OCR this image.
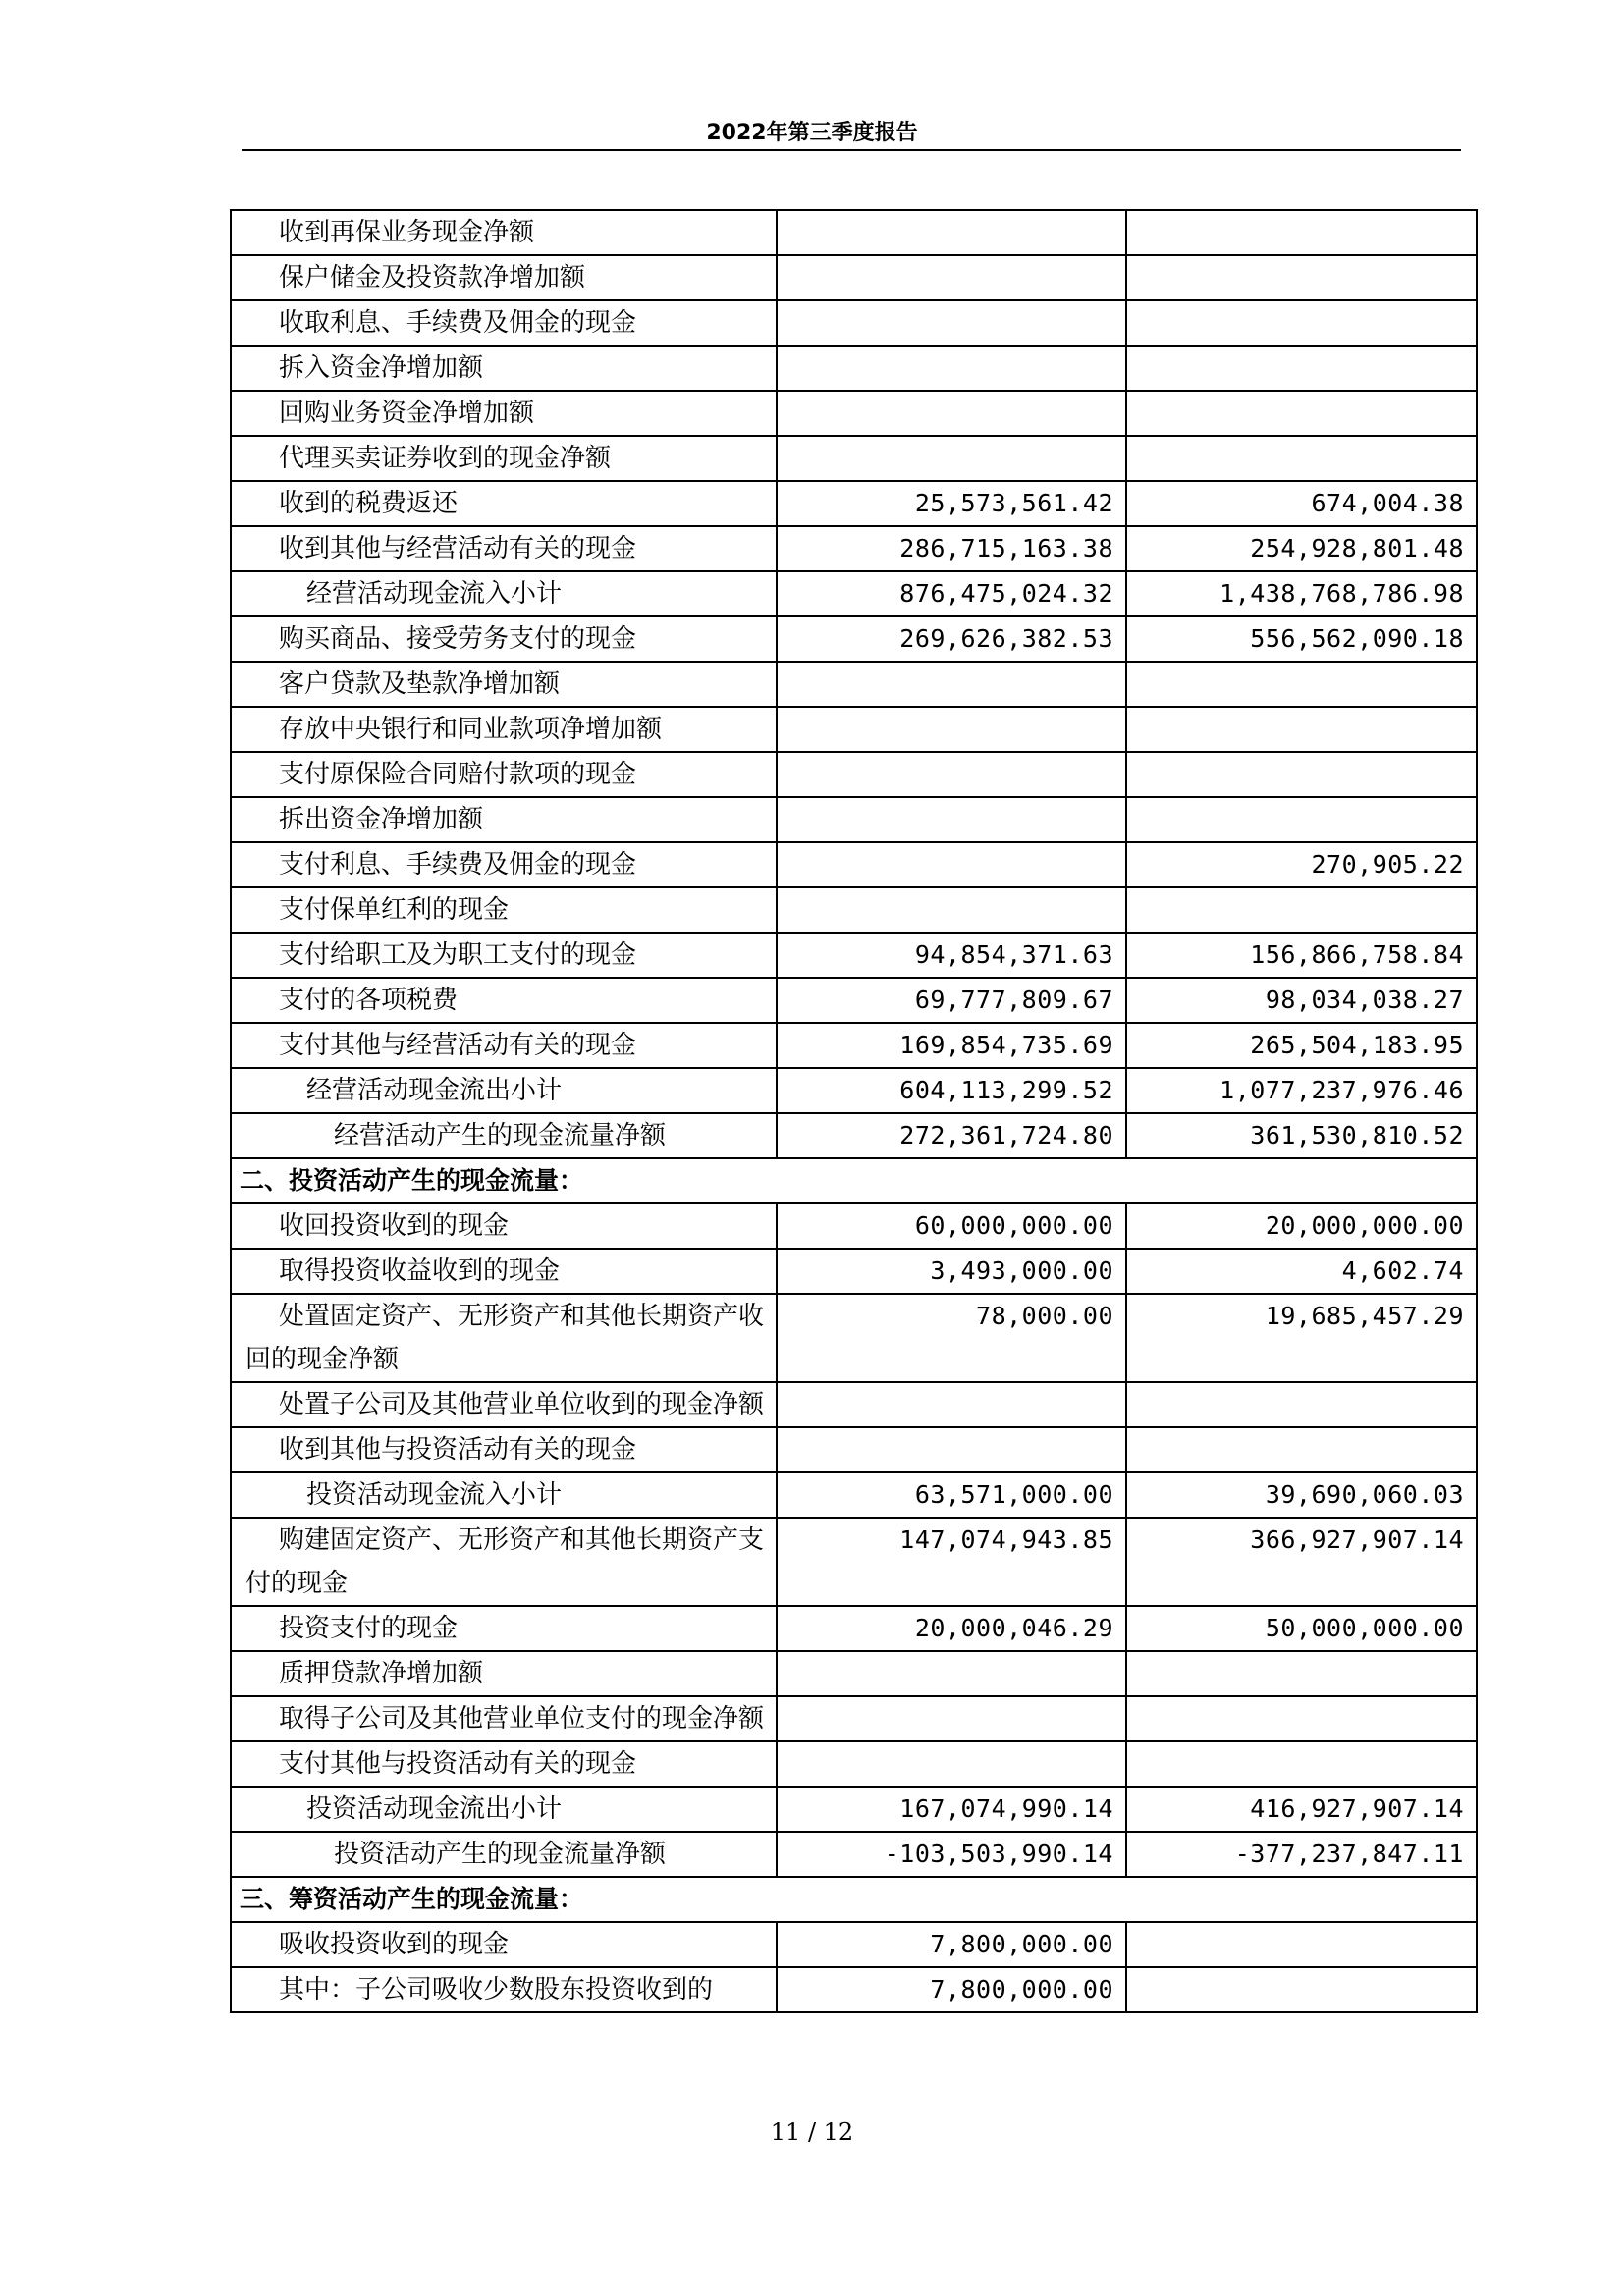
2022年第三季度报告
收到再保业务现金净额		
保户储金及投资款净增加额		
收取利息、手续费及佣金的现金		
拆入资金净增加额		
回购业务资金净增加额		
代理买卖证券收到的现金净额		
收到的税费返还	25,573,561.42	674,004.38
收到其他与经营活动有关的现金	286,715,163.38	254,928,801.48
经营活动现金流入小计	876,475,024.32	1,438,768,786.98
购买商品、接受劳务支付的现金	269,626,382.53	556,562,090.18
客户贷款及垫款净增加额		
存放中央银行和同业款项净增加额		
支付原保险合同赔付款项的现金		
拆出资金净增加额		
支付利息、手续费及佣金的现金		270,905.22
支付保单红利的现金		
支付给职工及为职工支付的现金	94,854,371.63	156,866,758.84
支付的各项税费	69,777,809.67	98,034,038.27
支付其他与经营活动有关的现金	169,854,735.69	265,504,183.95
经营活动现金流出小计	604,113,299.52	1,077,237,976.46
经营活动产生的现金流量净额	272,361,724.80	361,530,810.52
二、投资活动产生的现金流量：		
收回投资收到的现金	60,000,000.00	20,000,000.00
取得投资收益收到的现金	3,493,000.00	4,602.74
处置固定资产、无形资产和其他长期资产收回的现金净额	78,000.00	19,685,457.29
处置子公司及其他营业单位收到的现金净额		
收到其他与投资活动有关的现金		
投资活动现金流入小计	63,571,000.00	39,690,060.03
购建固定资产、无形资产和其他长期资产支付的现金	147,074,943.85	366,927,907.14
投资支付的现金	20,000,046.29	50,000,000.00
质押贷款净增加额		
取得子公司及其他营业单位支付的现金净额		
支付其他与投资活动有关的现金		
投资活动现金流出小计	167,074,990.14	416,927,907.14
投资活动产生的现金流量净额	-103,503,990.14	-377,237,847.11
三、筹资活动产生的现金流量：		
吸收投资收到的现金	7,800,000.00	
其中：子公司吸收少数股东投资收到的	7,800,000.00	
11 / 12
